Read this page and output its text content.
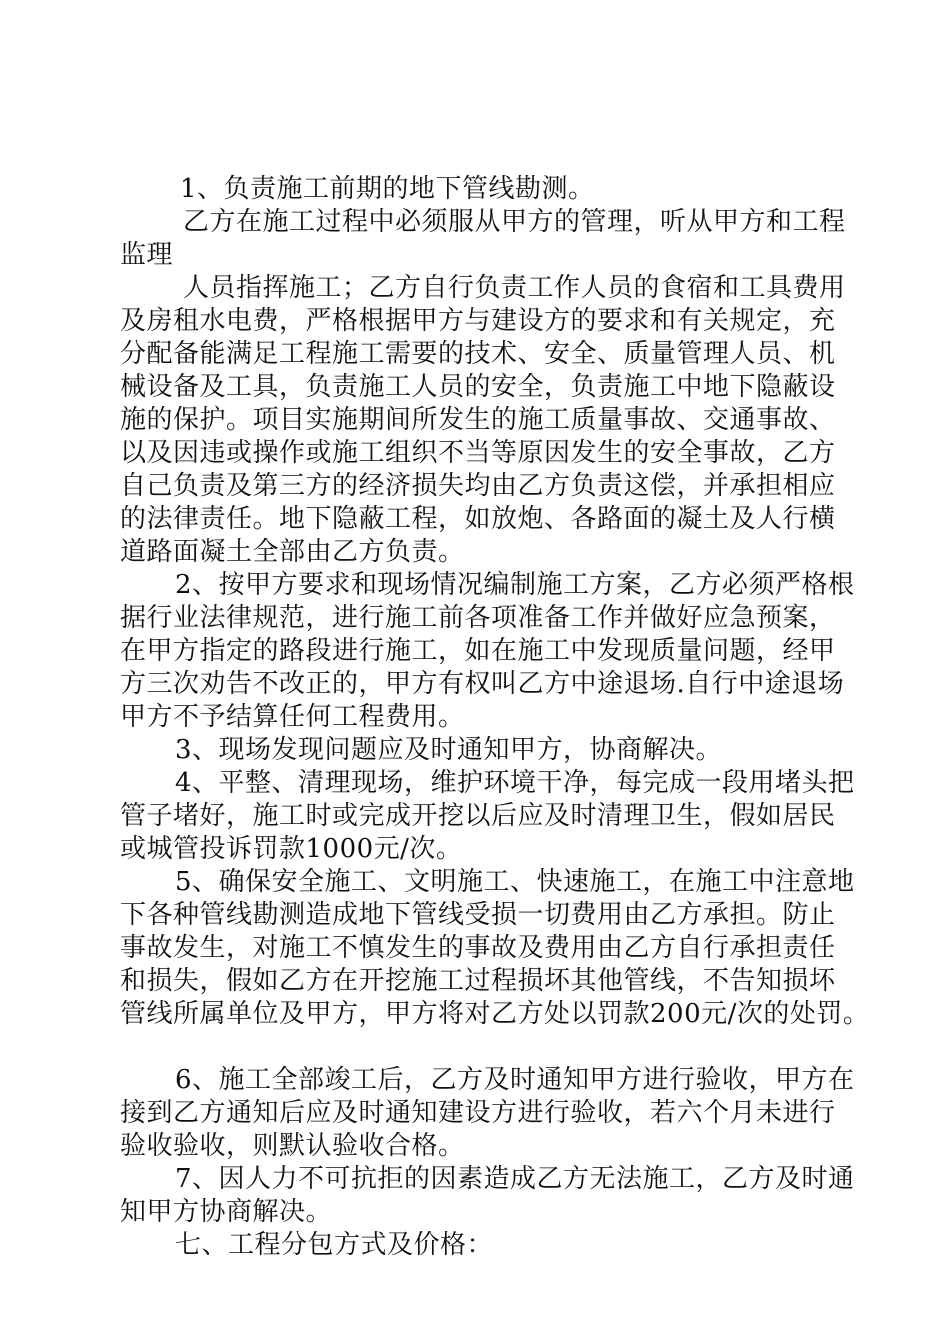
1、负责施工前期的地下管线勘测。
乙方在施工过程中必须服从甲方的管理，听从甲方和工程
监理
人员指挥施工；乙方自行负责工作人员的食宿和工具费用
及房租水电费，严格根据甲方与建设方的要求和有关规定，充
分配备能满足工程施工需要的技术、安全、质量管理人员、机
械设备及工具，负责施工人员的安全，负责施工中地下隐蔽设
施的保护。项目实施期间所发生的施工质量事故、交通事故、
以及因违或操作或施工组织不当等原因发生的安全事故，乙方
自己负责及第三方的经济损失均由乙方负责这偿，并承担相应
的法律责任。地下隐蔽工程，如放炮、各路面的凝土及人行横
道路面凝土全部由乙方负责。
2、按甲方要求和现场情况编制施工方案，乙方必须严格根
据行业法律规范，进行施工前各项准备工作并做好应急预案，
在甲方指定的路段进行施工，如在施工中发现质量问题，经甲
方三次劝告不改正的，甲方有权叫乙方中途退场.自行中途退场
甲方不予结算任何工程费用。
3、现场发现问题应及时通知甲方，协商解决。
4、平整、清理现场，维护环境干净，每完成一段用堵头把
管子堵好，施工时或完成开挖以后应及时清理卫生，假如居民
或城管投诉罚款1000元/次。
5、确保安全施工、文明施工、快速施工，在施工中注意地
下各种管线勘测造成地下管线受损一切费用由乙方承担。防止
事故发生，对施工不慎发生的事故及费用由乙方自行承担责任
和损失，假如乙方在开挖施工过程损坏其他管线，不告知损坏
管线所属单位及甲方，甲方将对乙方处以罚款200元/次的处罚。
6、施工全部竣工后，乙方及时通知甲方进行验收，甲方在
接到乙方通知后应及时通知建设方进行验收，若六个月未进行
验收验收，则默认验收合格。
7、因人力不可抗拒的因素造成乙方无法施工，乙方及时通
知甲方协商解决。
七、工程分包方式及价格：
